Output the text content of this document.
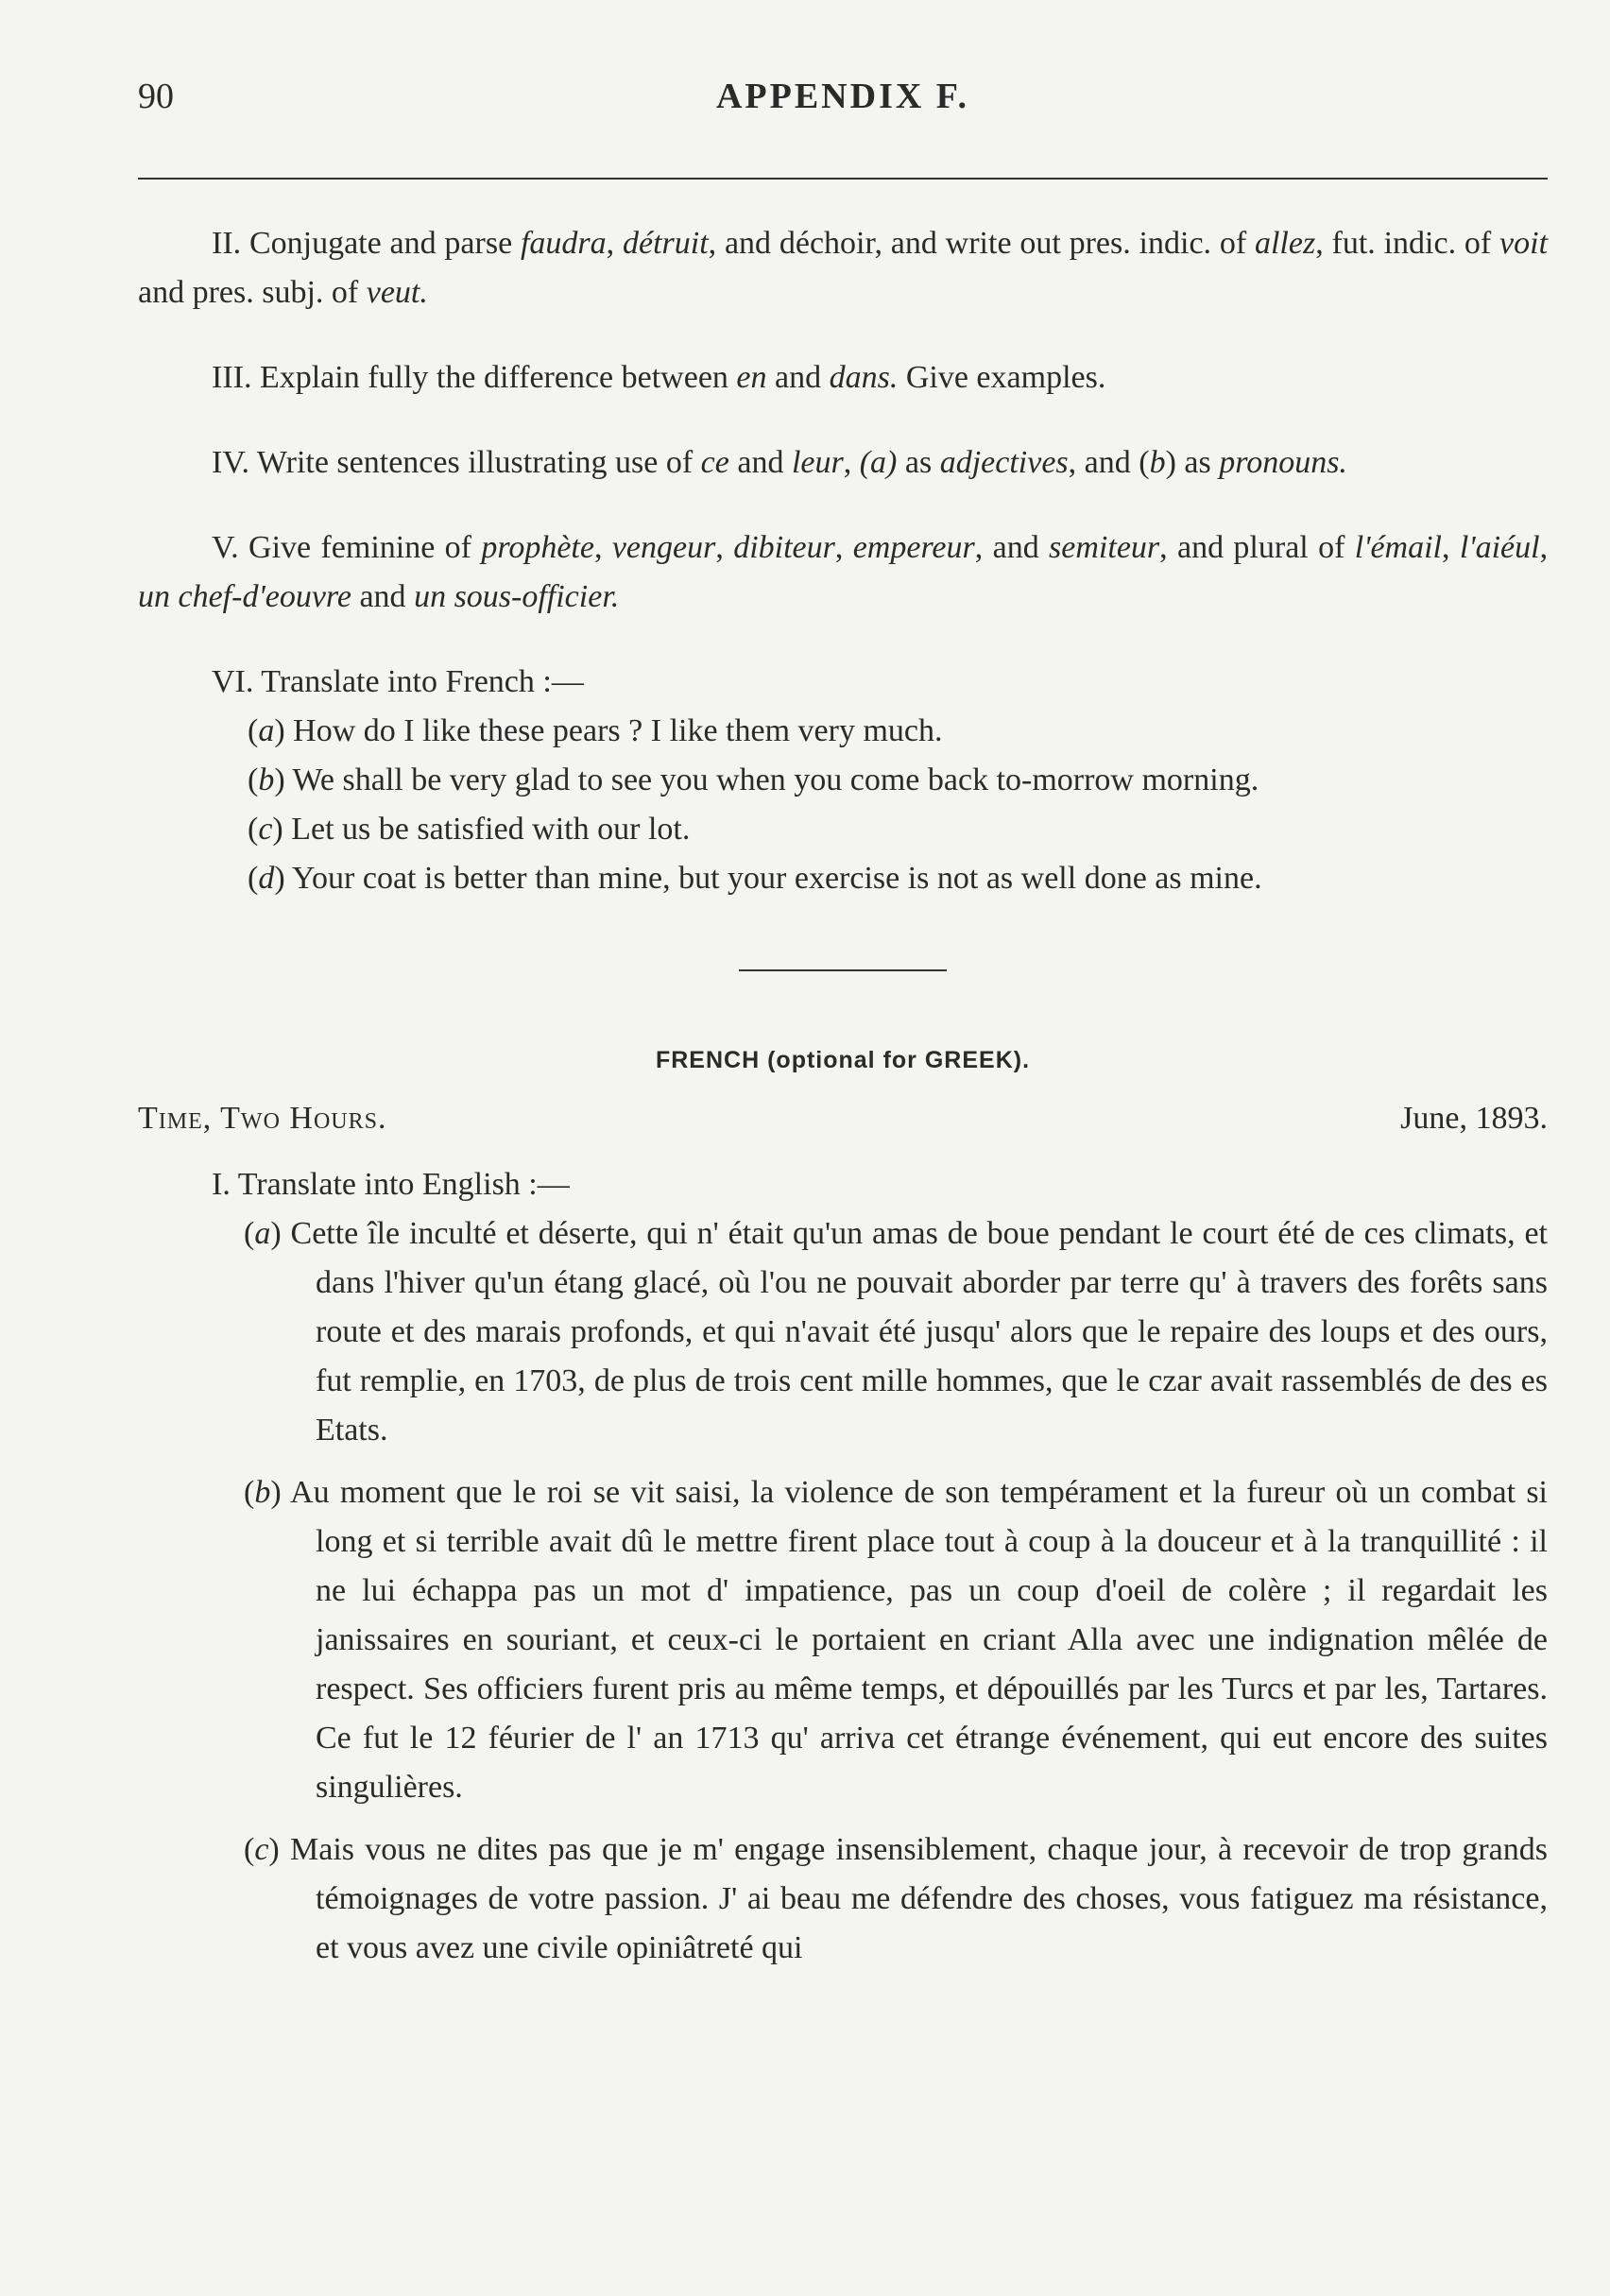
90	APPENDIX F.

II. Conjugate and parse faudra, détruit, and déchoir, and write out pres. indic. of allez, fut. indic. of voit and pres. subj. of veut.

III. Explain fully the difference between en and dans. Give examples.

IV. Write sentences illustrating use of ce and leur, (a) as adjectives, and (b) as pronouns.

V. Give feminine of prophète, vengeur, dibiteur, empereur, and semiteur, and plural of l'émail, l'aiéul, un chef-d'eouvre and un sous-officier.

VI. Translate into French :—

(a) How do I like these pears ? I like them very much.

(b) We shall be very glad to see you when you come back to-morrow morning.

(c) Let us be satisfied with our lot.

(d) Your coat is better than mine, but your exercise is not as well done as mine.

FRENCH (optional for GREEK).

Time, Two Hours.	June, 1893.

I. Translate into English :—

(a) Cette île inculté et déserte, qui n' était qu'un amas de boue pendant le court été de ces climats, et dans l'hiver qu'un étang glacé, où l'ou ne pouvait aborder par terre qu' à travers des forêts sans route et des marais profonds, et qui n'avait été jusqu' alors que le repaire des loups et des ours, fut remplie, en 1703, de plus de trois cent mille hommes, que le czar avait rassemblés de des es Etats.

(b) Au moment que le roi se vit saisi, la violence de son tempérament et la fureur où un combat si long et si terrible avait dû le mettre firent place tout à coup à la douceur et à la tranquillité : il ne lui échappa pas un mot d' impatience, pas un coup d'oeil de colère ; il regardait les janissaires en souriant, et ceux-ci le portaient en criant Alla avec une indignation mêlée de respect. Ses officiers furent pris au même temps, et dépouillés par les Turcs et par les, Tartares. Ce fut le 12 féurier de l' an 1713 qu' arriva cet étrange événement, qui eut encore des suites singulières.

(c) Mais vous ne dites pas que je m' engage insensiblement, chaque jour, à recevoir de trop grands témoignages de votre passion. J' ai beau me défendre des choses, vous fatiguez ma résistance, et vous avez une civile opiniâtreté qui
